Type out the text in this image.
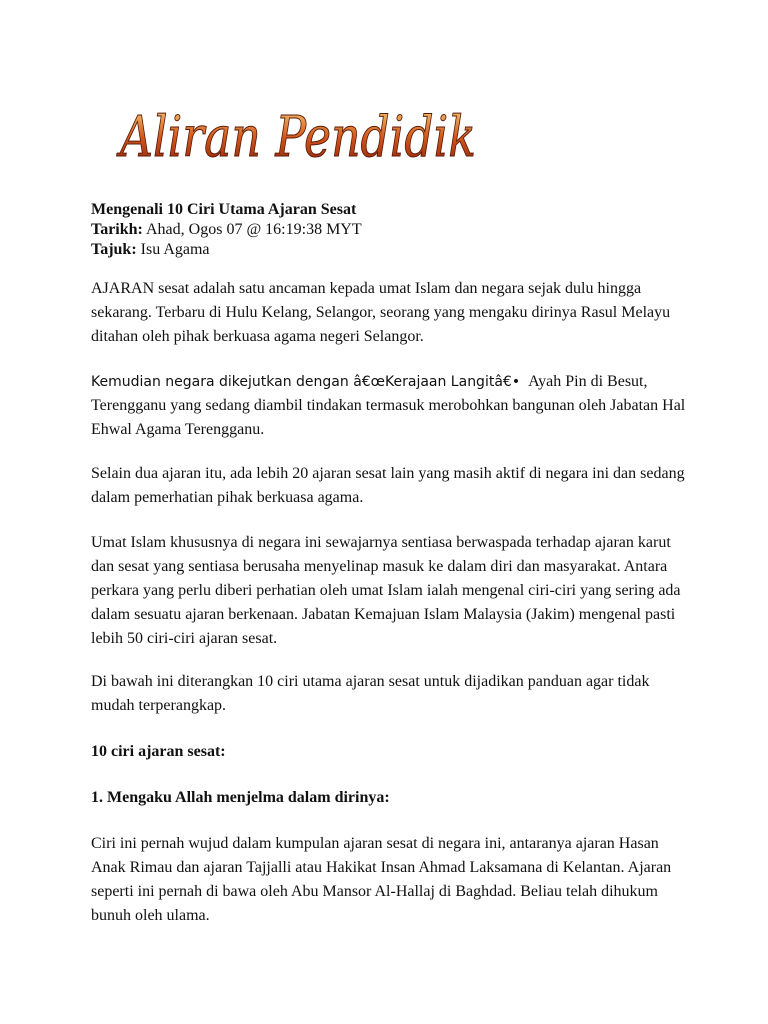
Aliran Pendidik
Mengenali 10 Ciri Utama Ajaran Sesat
Tarikh: Ahad, Ogos 07 @ 16:19:38 MYT
Tajuk: Isu Agama

AJARAN sesat adalah satu ancaman kepada umat Islam dan negara sejak dulu hingga sekarang. Terbaru di Hulu Kelang, Selangor, seorang yang mengaku dirinya Rasul Melayu ditahan oleh pihak berkuasa agama negeri Selangor.

Kemudian negara dikejutkan dengan â€œKerajaan Langitâ€• Ayah Pin di Besut, Terengganu yang sedang diambil tindakan termasuk merobohkan bangunan oleh Jabatan Hal Ehwal Agama Terengganu.

Selain dua ajaran itu, ada lebih 20 ajaran sesat lain yang masih aktif di negara ini dan sedang dalam pemerhatian pihak berkuasa agama.

Umat Islam khususnya di negara ini sewajarnya sentiasa berwaspada terhadap ajaran karut dan sesat yang sentiasa berusaha menyelinap masuk ke dalam diri dan masyarakat. Antara perkara yang perlu diberi perhatian oleh umat Islam ialah mengenal ciri-ciri yang sering ada dalam sesuatu ajaran berkenaan. Jabatan Kemajuan Islam Malaysia (Jakim) mengenal pasti lebih 50 ciri-ciri ajaran sesat.

Di bawah ini diterangkan 10 ciri utama ajaran sesat untuk dijadikan panduan agar tidak mudah terperangkap.

10 ciri ajaran sesat:

1. Mengaku Allah menjelma dalam dirinya:

Ciri ini pernah wujud dalam kumpulan ajaran sesat di negara ini, antaranya ajaran Hasan Anak Rimau dan ajaran Tajjalli atau Hakikat Insan Ahmad Laksamana di Kelantan. Ajaran seperti ini pernah di bawa oleh Abu Mansor Al-Hallaj di Baghdad. Beliau telah dihukum bunuh oleh ulama.
